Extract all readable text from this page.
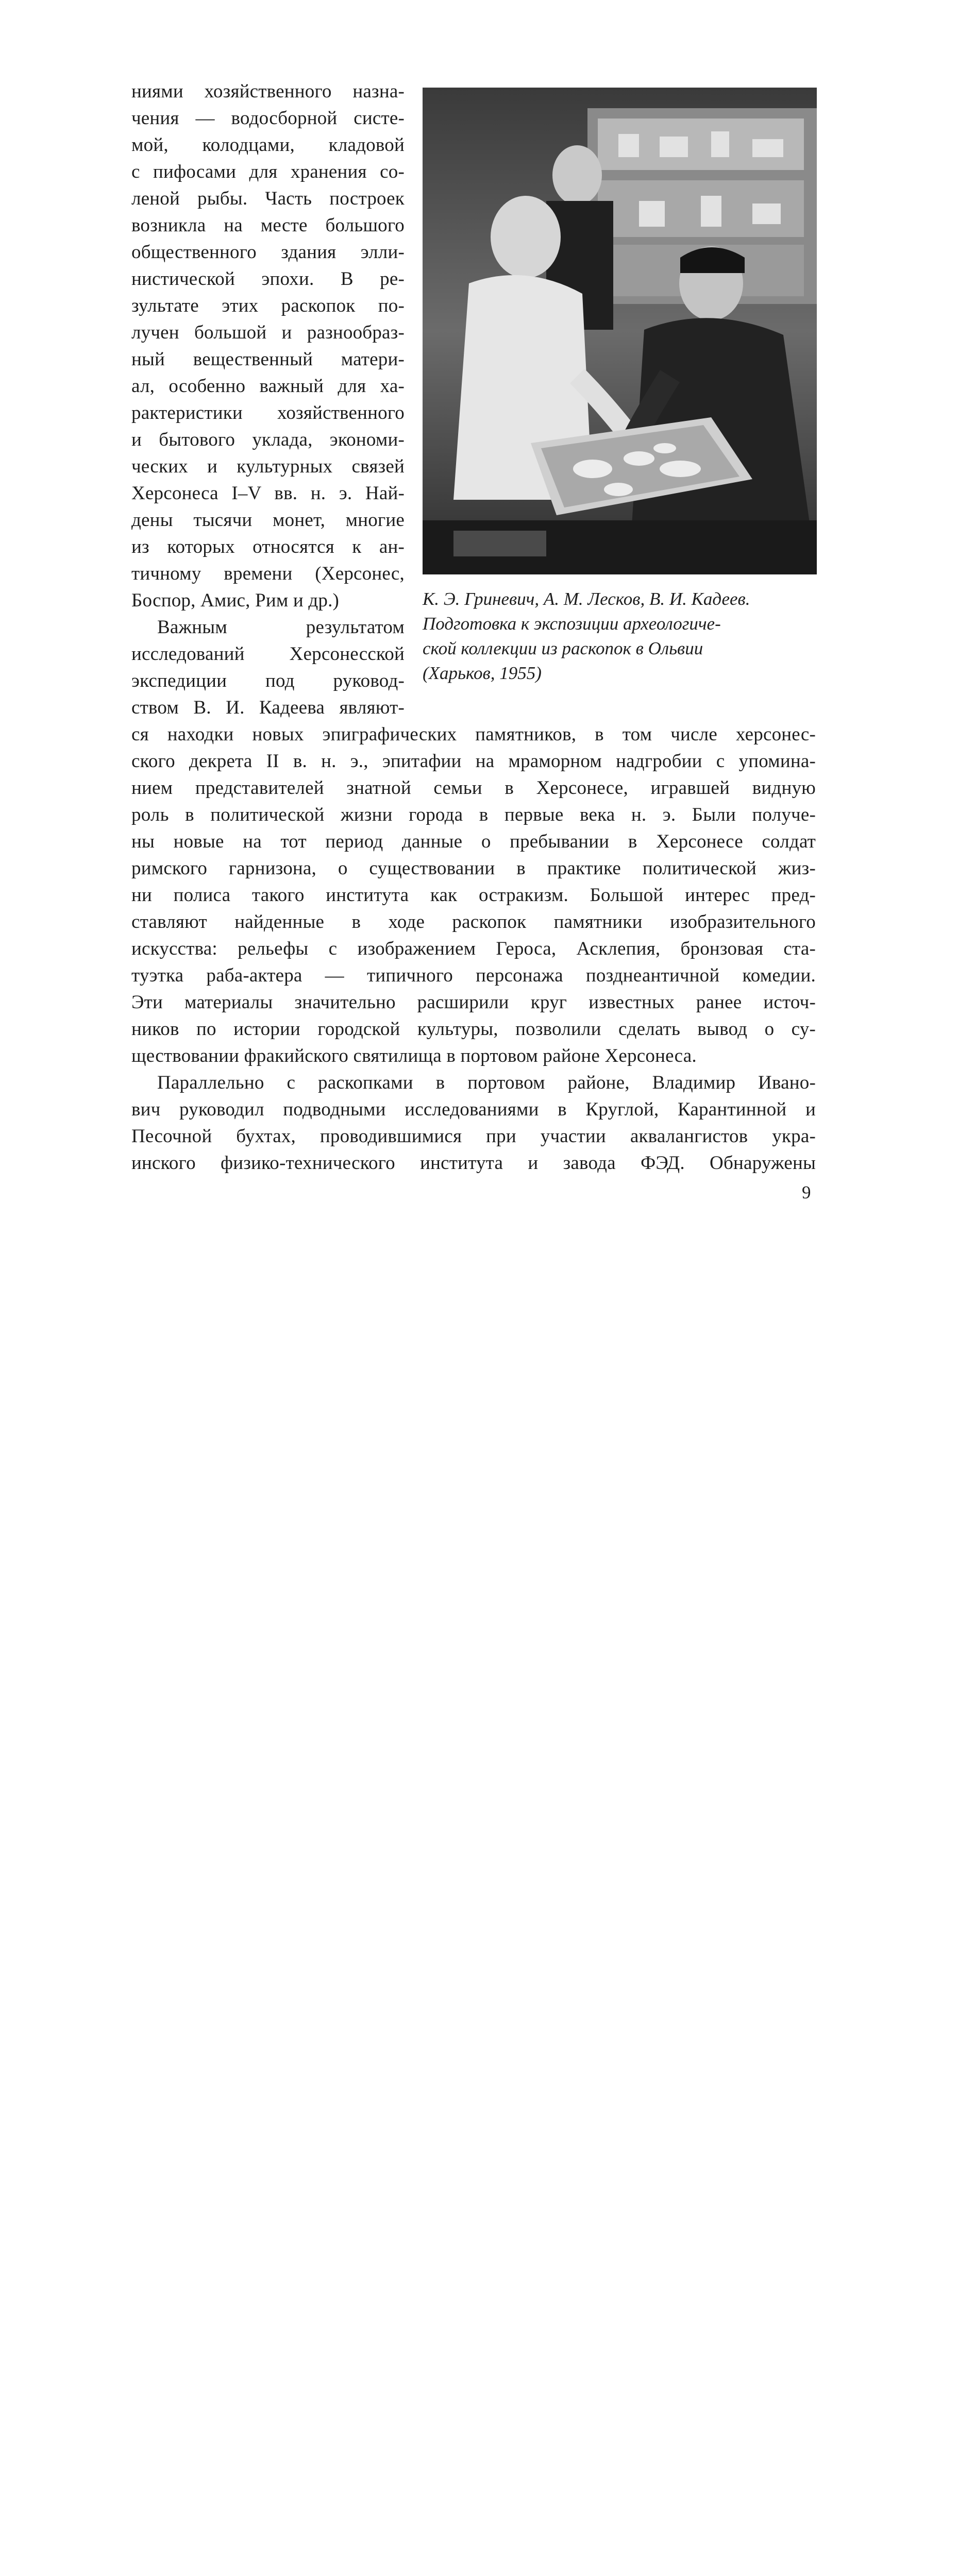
ниями хозяйственного назна-
чения — водосборной систе-
мой, колодцами, кладовой
с пифосами для хранения со-
леной рыбы. Часть построек
возникла на месте большого
общественного здания элли-
нистической эпохи. В ре-
зультате этих раскопок по-
лучен большой и разнообраз-
ный вещественный матери-
ал, особенно важный для ха-
рактеристики хозяйственного
и бытового уклада, экономи-
ческих и культурных связей
Херсонеса I–V вв. н. э. Най-
дены тысячи монет, многие
из которых относятся к ан-
тичному времени (Херсонес,
Боспор, Амис, Рим и др.)
Важным результатом
исследований Херсонесской
экспедиции под руковод-
ством В. И. Кадеева являют-
К. Э. Гриневич, А. М. Лесков, В. И. Кадеев.
Подготовка к экспозиции археологиче-
ской коллекции из раскопок в Ольвии
(Харьков, 1955)
ся находки новых эпиграфических памятников, в том числе херсонес-
ского декрета II в. н. э., эпитафии на мраморном надгробии с упомина-
нием представителей знатной семьи в Херсонесе, игравшей видную
роль в политической жизни города в первые века н. э. Были получе-
ны новые на тот период данные о пребывании в Херсонесе солдат
римского гарнизона, о существовании в практике политической жиз-
ни полиса такого института как остракизм. Большой интерес пред-
ставляют найденные в ходе раскопок памятники изобразительного
искусства: рельефы с изображением Героса, Асклепия, бронзовая ста-
туэтка раба-актера — типичного персонажа позднеантичной комедии.
Эти материалы значительно расширили круг известных ранее источ-
ников по истории городской культуры, позволили сделать вывод о су-
ществовании фракийского святилища в портовом районе Херсонеса.
Параллельно с раскопками в портовом районе, Владимир Ивано-
вич руководил подводными исследованиями в Круглой, Карантинной и
Песочной бухтах, проводившимися при участии аквалангистов укра-
инского физико-технического института и завода ФЭД. Обнаружены
9
